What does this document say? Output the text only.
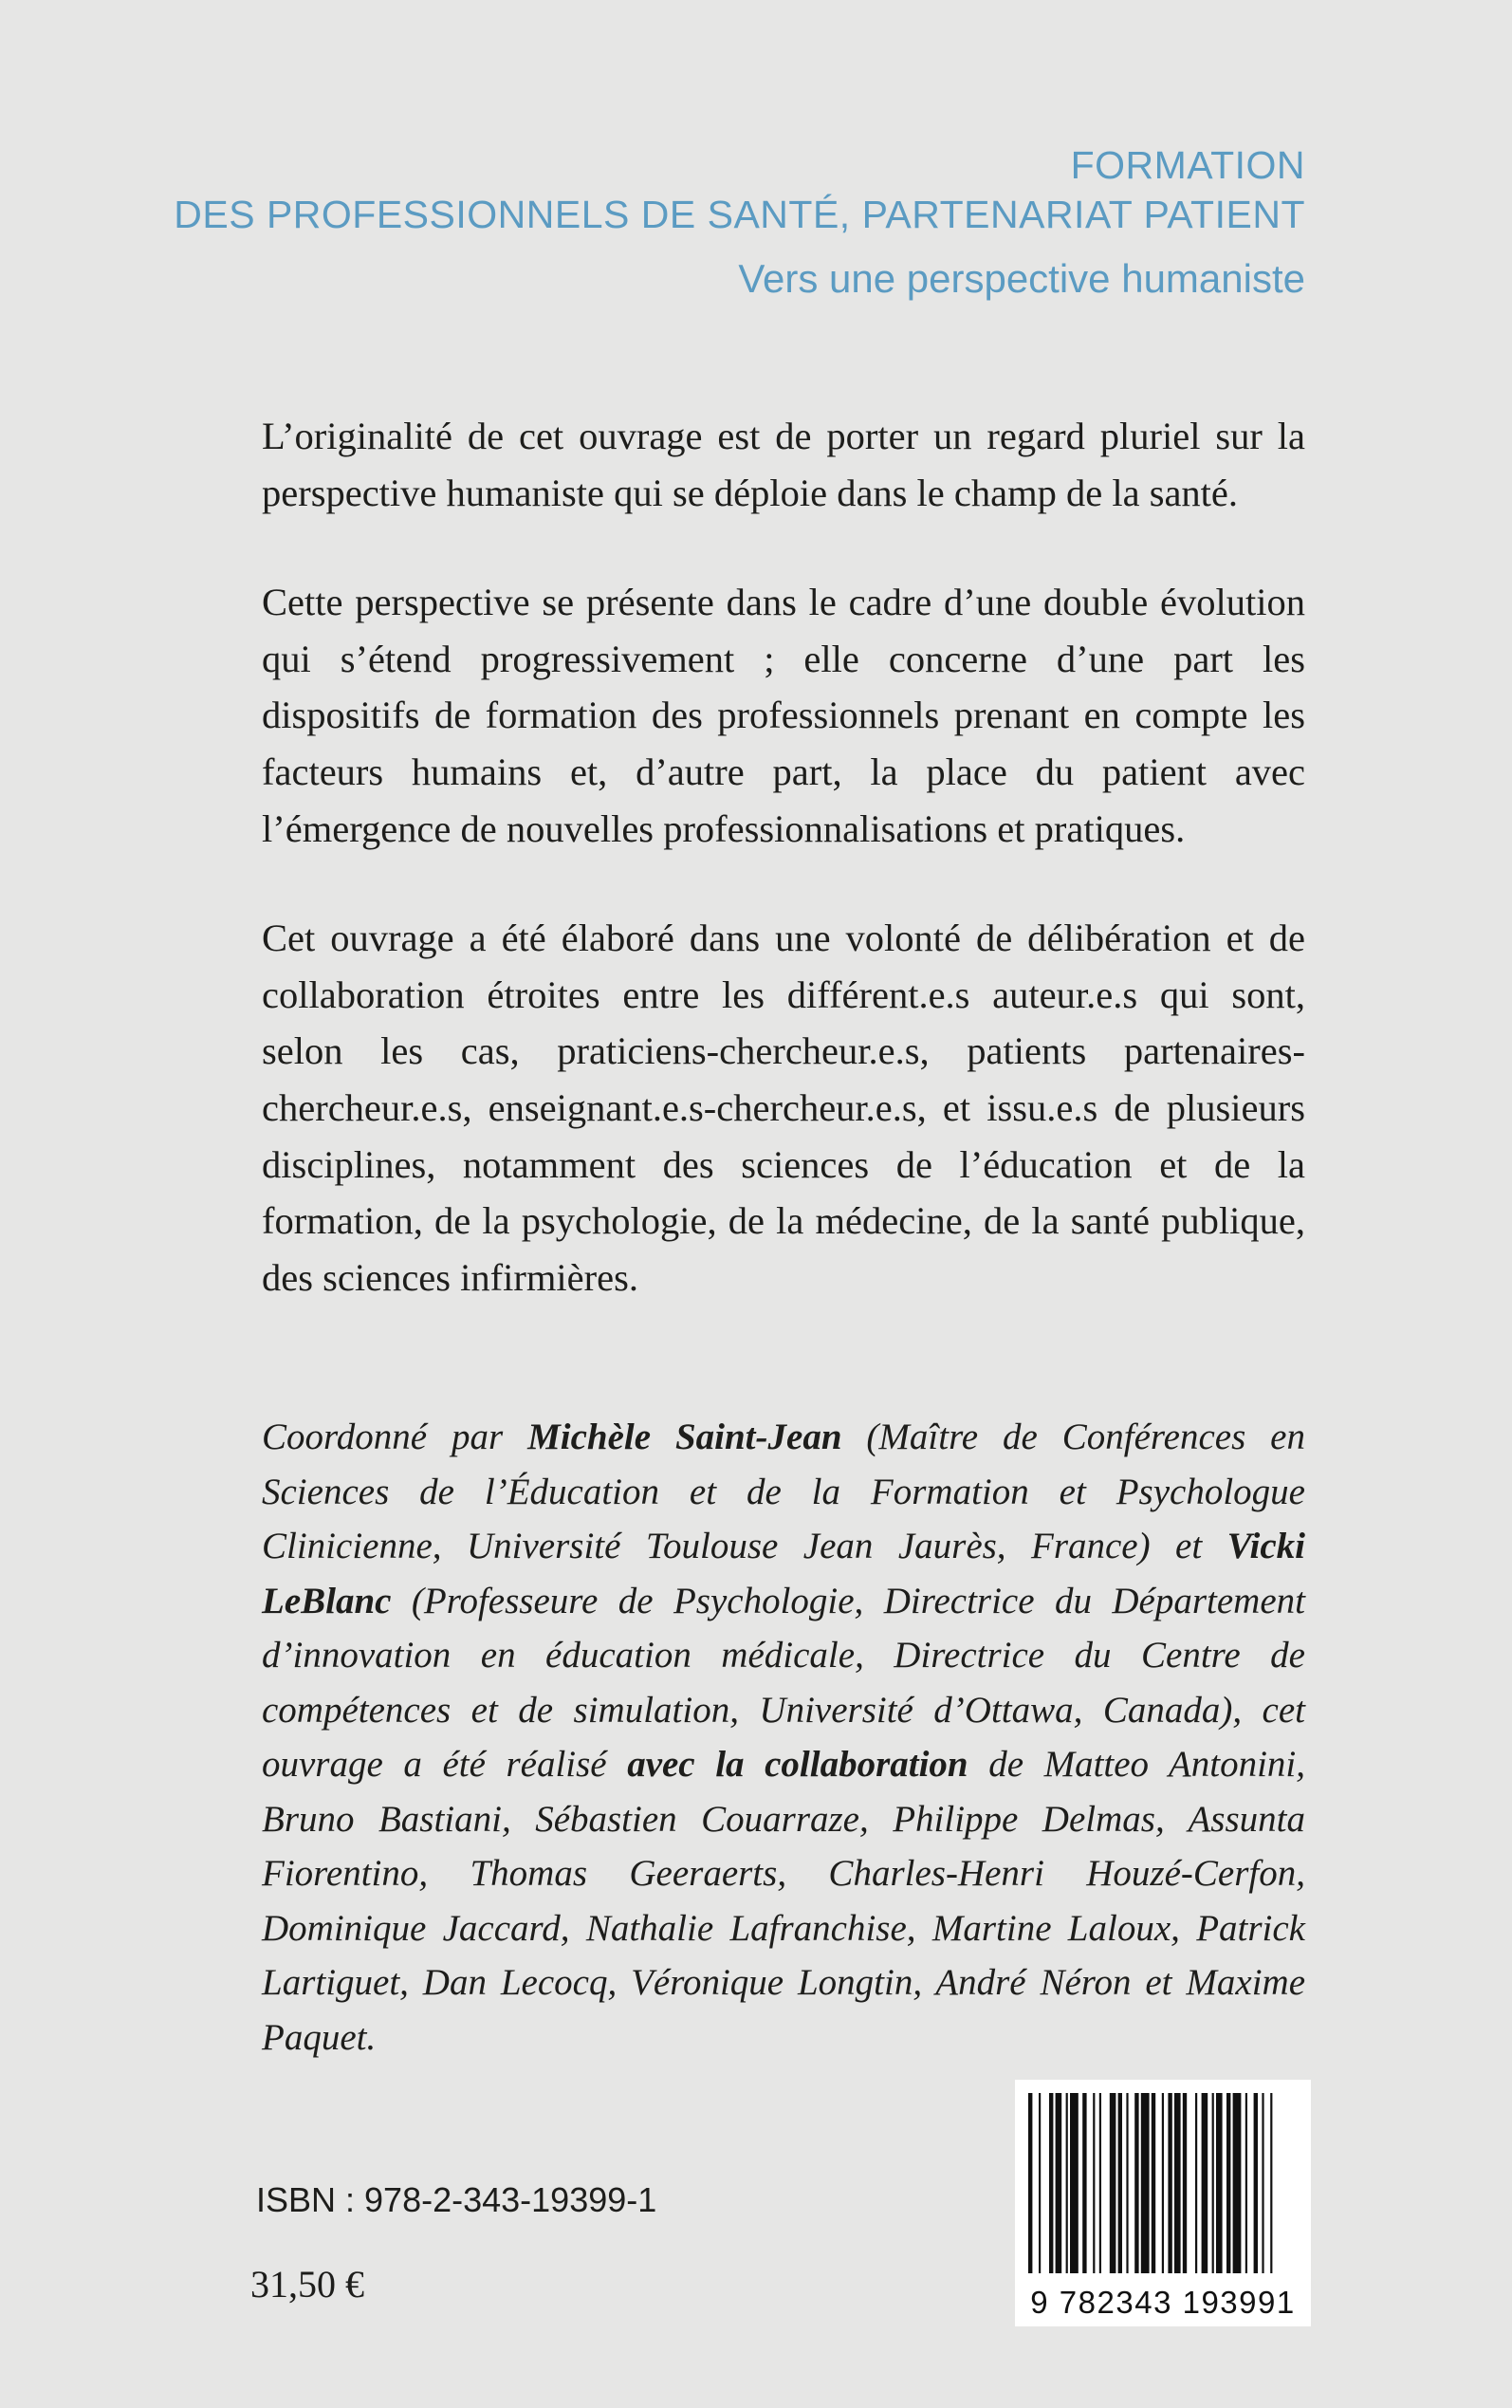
FORMATION
DES PROFESSIONNELS DE SANTÉ, PARTENARIAT PATIENT
Vers une perspective humaniste

L’originalité de cet ouvrage est de porter un regard pluriel sur la perspective humaniste qui se déploie dans le champ de la santé.

Cette perspective se présente dans le cadre d’une double évolution qui s’étend progressivement ; elle concerne d’une part les dispositifs de formation des professionnels prenant en compte les facteurs humains et, d’autre part, la place du patient avec l’émergence de nouvelles professionnalisations et pratiques.

Cet ouvrage a été élaboré dans une volonté de délibération et de collaboration étroites entre les différent.e.s auteur.e.s qui sont, selon les cas, praticiens-chercheur.e.s, patients partenaires-chercheur.e.s, enseignant.e.s-chercheur.e.s, et issu.e.s de plusieurs disciplines, notamment des sciences de l’éducation et de la formation, de la psychologie, de la médecine, de la santé publique, des sciences infirmières.

Coordonné par Michèle Saint-Jean (Maître de Conférences en Sciences de l’Éducation et de la Formation et Psychologue Clinicienne, Université Toulouse Jean Jaurès, France) et Vicki LeBlanc (Professeure de Psychologie, Directrice du Département d’innovation en éducation médicale, Directrice du Centre de compétences et de simulation, Université d’Ottawa, Canada), cet ouvrage a été réalisé avec la collaboration de Matteo Antonini, Bruno Bastiani, Sébastien Couarraze, Philippe Delmas, Assunta Fiorentino, Thomas Geeraerts, Charles-Henri Houzé-Cerfon, Dominique Jaccard, Nathalie Lafranchise, Martine Laloux, Patrick Lartiguet, Dan Lecocq, Véronique Longtin, André Néron et Maxime Paquet.

ISBN : 978-2-343-19399-1
31,50 €	9 782343 193991
